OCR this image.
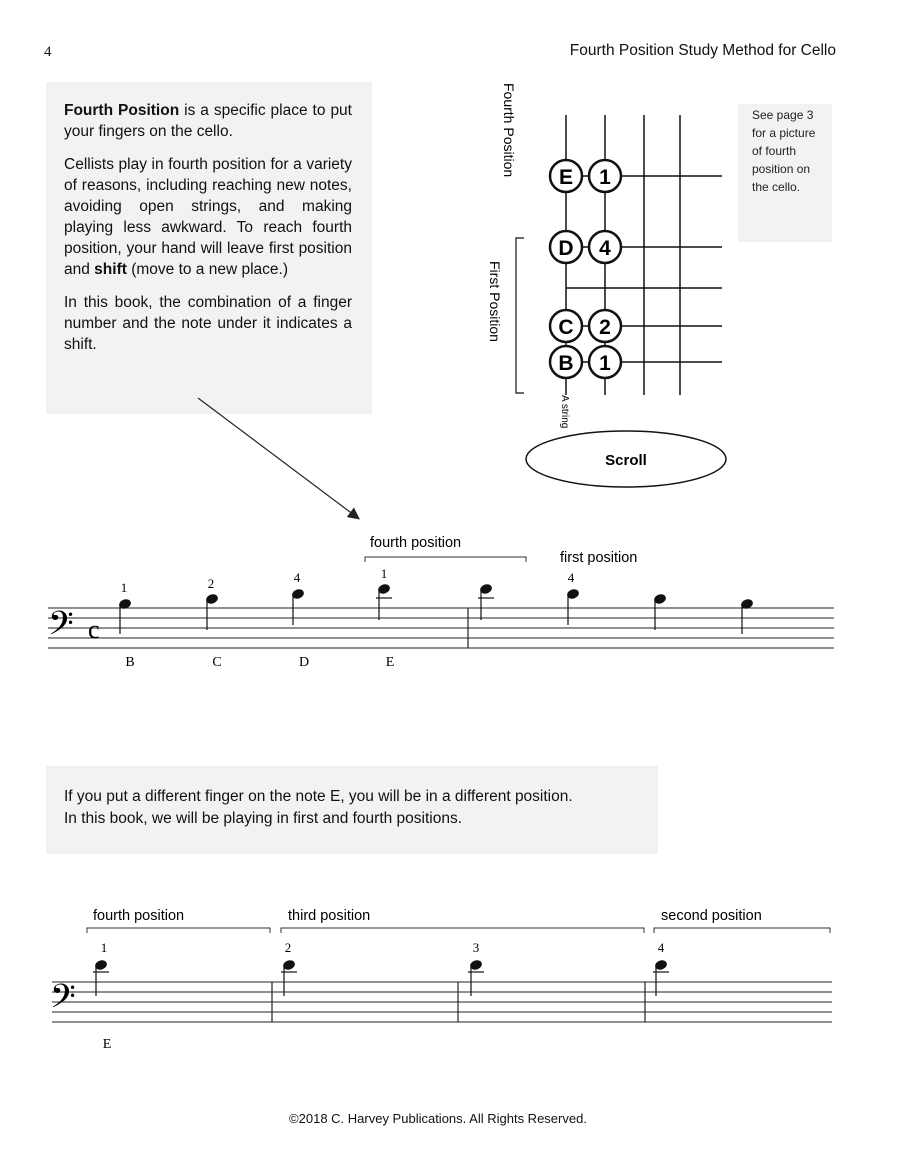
4	Fourth Position Study Method for Cello

Fourth Position is a specific place to put your fingers on the cello.

Cellists play in fourth position for a variety of reasons, including reaching new notes, avoiding open strings, and making playing less awkward. To reach fourth position, your hand will leave first position and shift (move to a new place.)

In this book, the combination of a finger number and the note under it indicates a shift.

E 1
D 4
C 2
B 1
Fourth Position
First Position
A string
Scroll
See page 3 for a picture of fourth position on the cello.
𝄢 c
1	2	4	1	4
fourth position
first position
B	C	D	E
If you put a different finger on the note E, you will be in a different position.
In this book, we will be playing in first and fourth positions.
𝄢
fourth position	third position	second position
1	2	3	4
E
©2018 C. Harvey Publications. All Rights Reserved.
